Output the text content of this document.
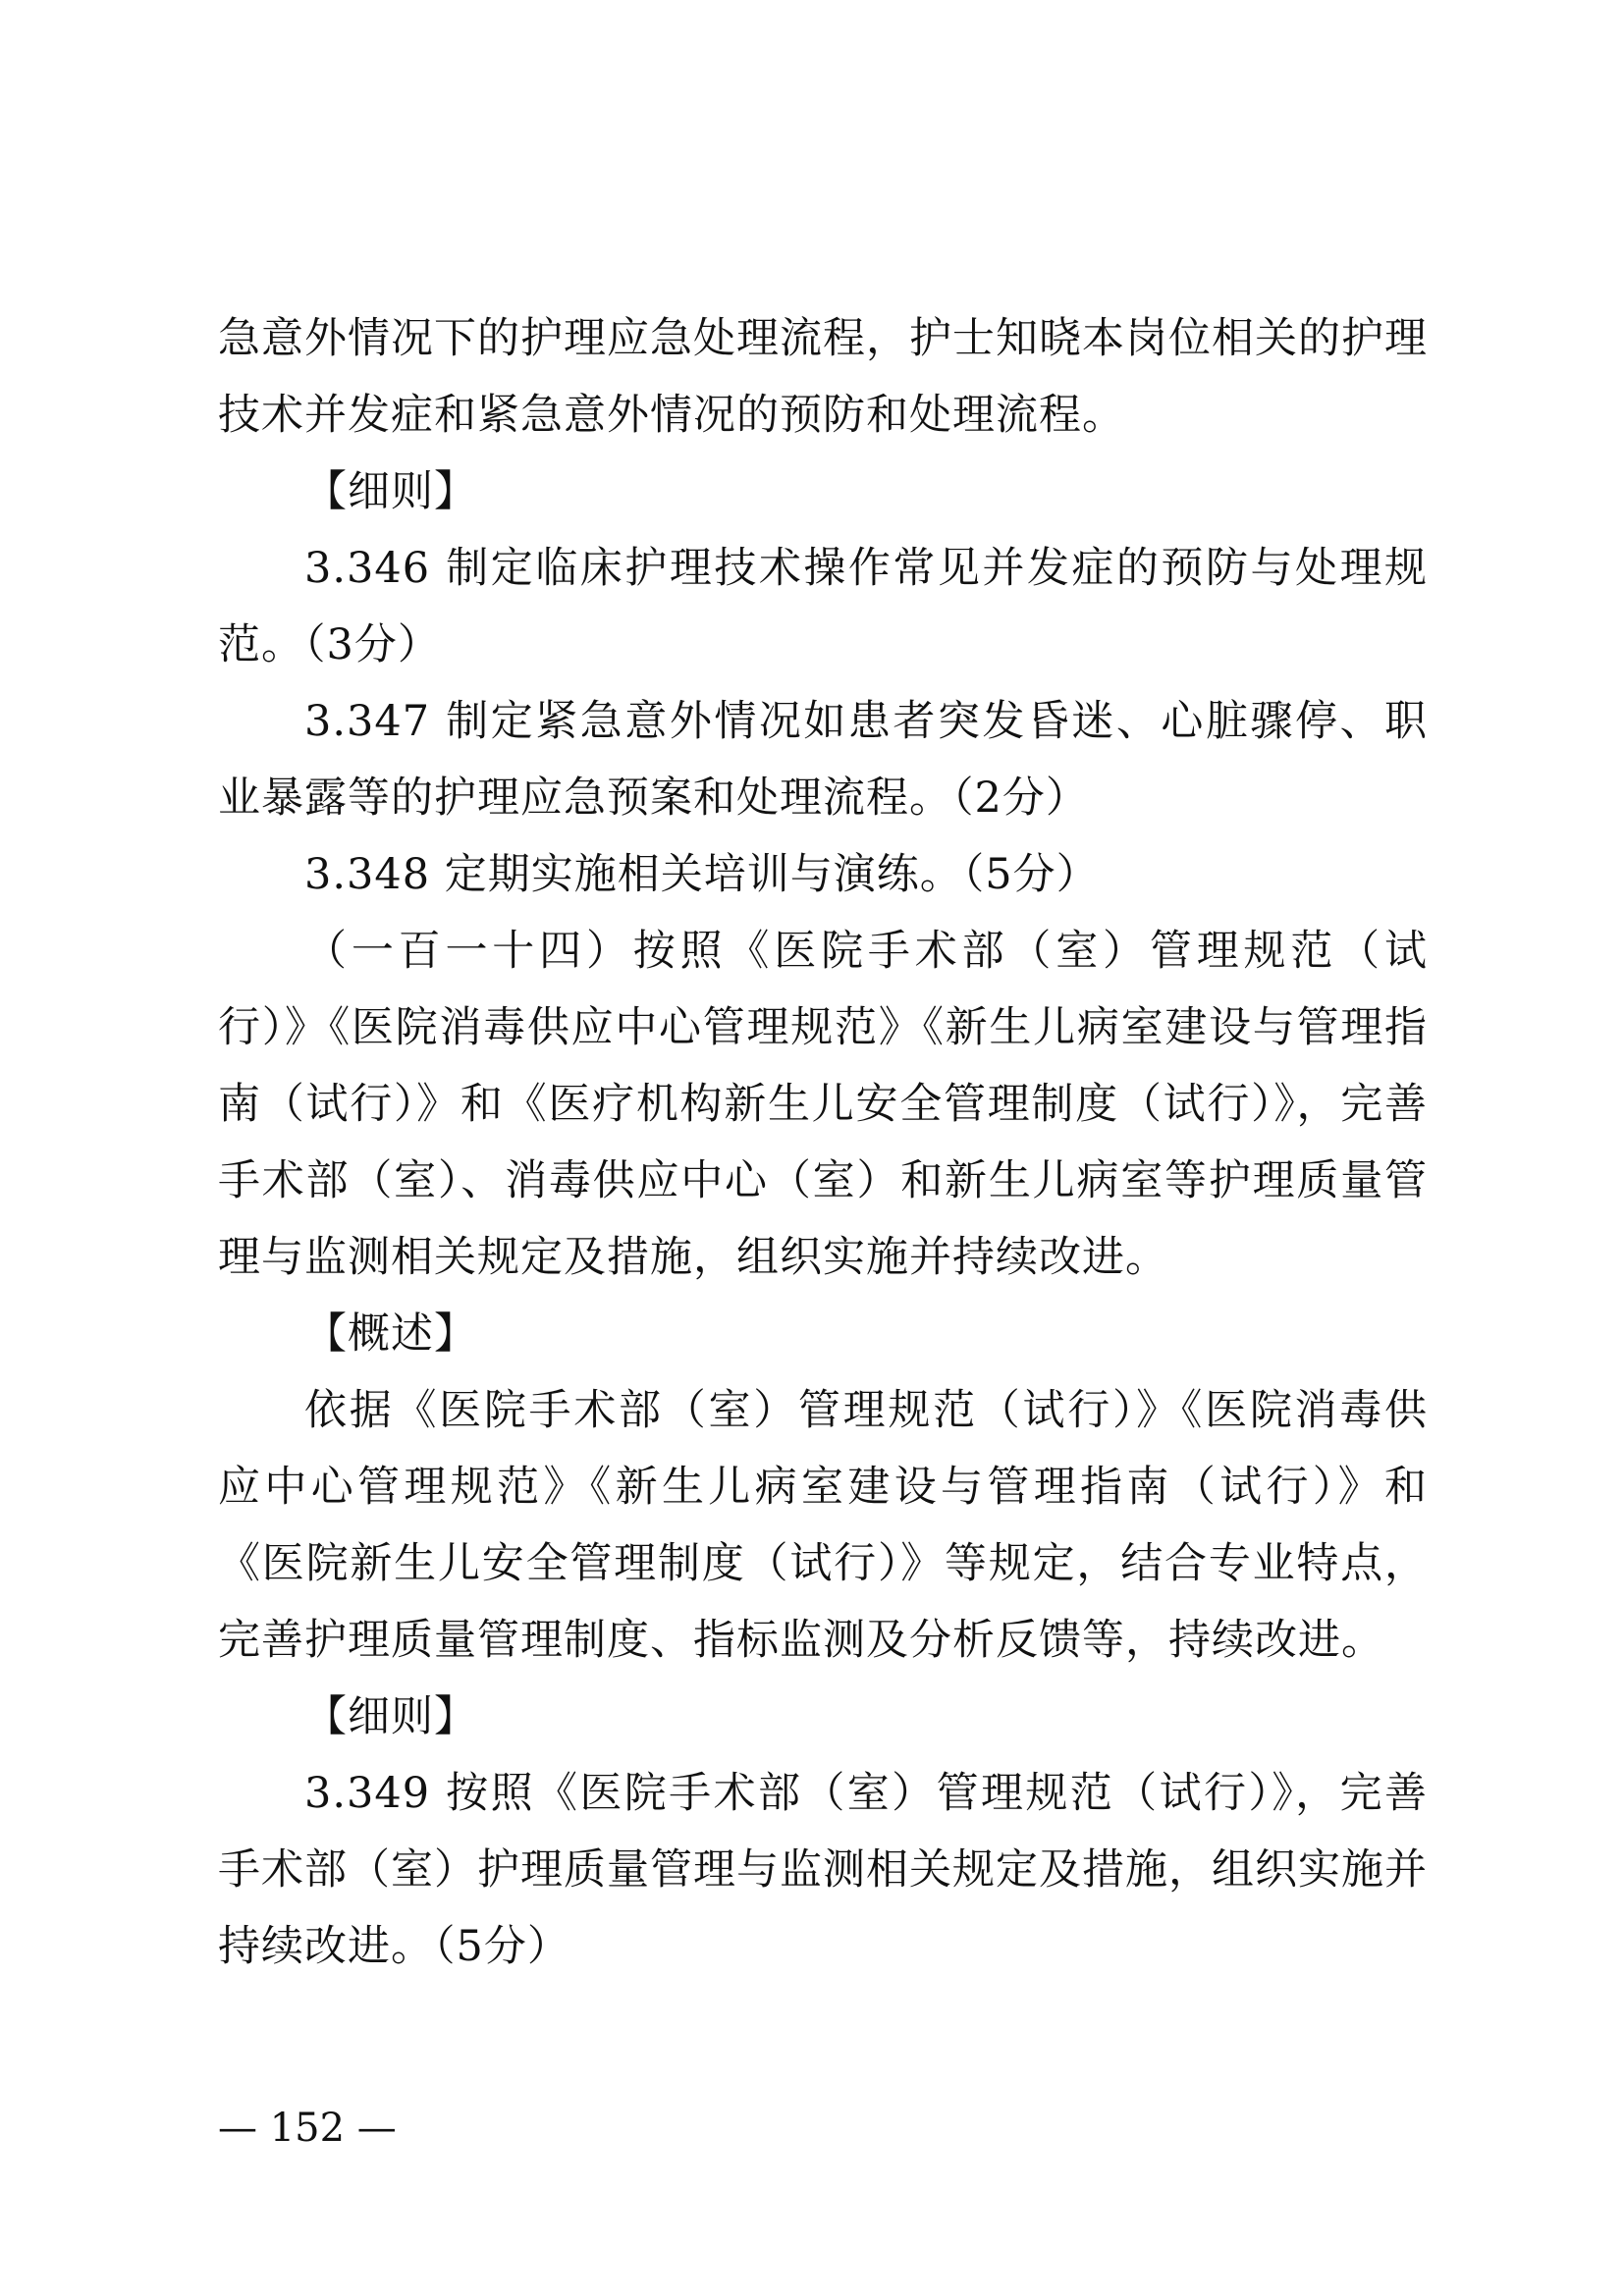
急意外情况下的护理应急处理流程，护士知晓本岗位相关的护理技术并发症和紧急意外情况的预防和处理流程。

【细则】

3.346 制定临床护理技术操作常见并发症的预防与处理规范。（3分）

3.347 制定紧急意外情况如患者突发昏迷、心脏骤停、职业暴露等的护理应急预案和处理流程。（2分）

3.348 定期实施相关培训与演练。（5分）

（一百一十四）按照《医院手术部（室）管理规范（试行）》《医院消毒供应中心管理规范》《新生儿病室建设与管理指南（试行）》和《医疗机构新生儿安全管理制度（试行）》，完善手术部（室）、消毒供应中心（室）和新生儿病室等护理质量管理与监测相关规定及措施，组织实施并持续改进。

【概述】

依据《医院手术部（室）管理规范（试行）》《医院消毒供应中心管理规范》《新生儿病室建设与管理指南（试行）》和《医院新生儿安全管理制度（试行）》等规定，结合专业特点，完善护理质量管理制度、指标监测及分析反馈等，持续改进。

【细则】

3.349 按照《医院手术部（室）管理规范（试行）》，完善手术部（室）护理质量管理与监测相关规定及措施，组织实施并持续改进。（5分）

— 152 —
